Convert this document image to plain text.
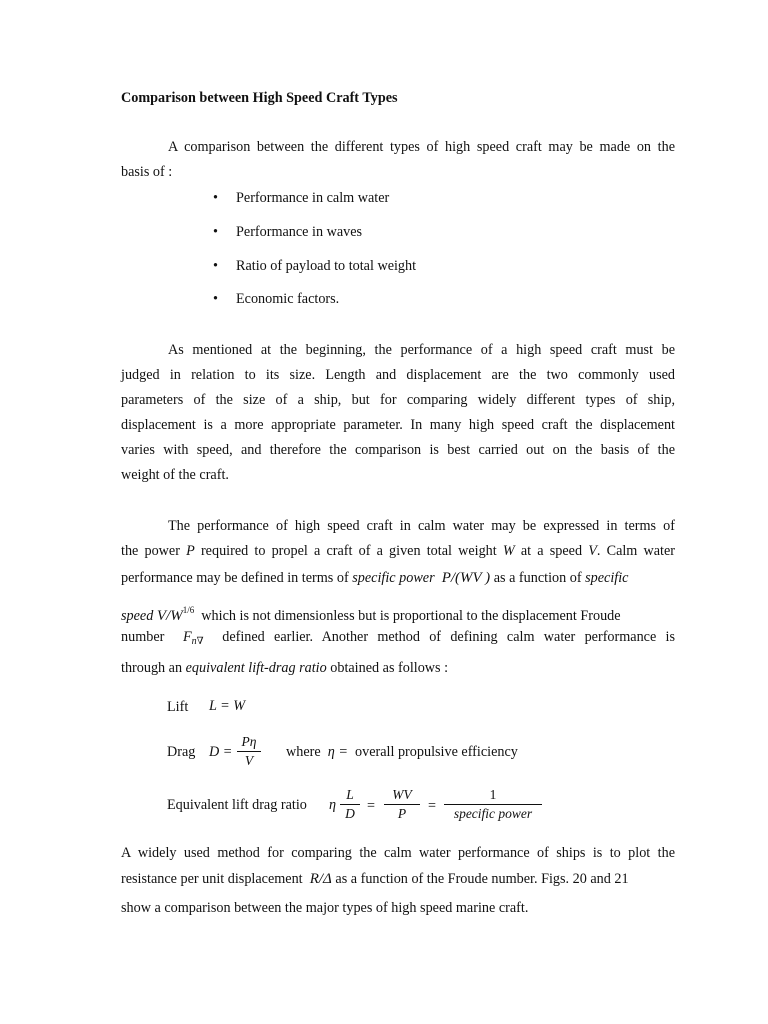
Comparison between High Speed Craft Types
A comparison between the different types of high speed craft may be made on the
basis of :
• Performance in calm water
• Performance in waves
• Ratio of payload to total weight
• Economic factors.
As mentioned at the beginning, the performance of a high speed craft must be
judged in relation to its size. Length and displacement are the two commonly used
parameters of the size of a ship, but for comparing widely different types of ship,
displacement is a more appropriate parameter. In many high speed craft the displacement
varies with speed, and therefore the comparison is best carried out on the basis of the
weight of the craft.
The performance of high speed craft in calm water may be expressed in terms of
the power P required to propel a craft of a given total weight W at a speed V. Calm water
performance may be defined in terms of specific power P/(WV ) as a function of specific
speed $V/W^{1/6}$  which is not dimensionless but is proportional to the displacement Froude
number  $F_{n\nabla}$  defined earlier. Another method of defining calm water performance is
through an equivalent lift-drag ratio obtained as follows :
Lift L = W
Drag D =
Pη
V
where η = overall propulsive efficiency
Equivalent lift drag ratio η
L
D =
WV
P	=
1
specific power
A widely used method for comparing the calm water performance of ships is to plot the
resistance per unit displacement R/Δ as a function of the Froude number. Figs. 20 and 21
show a comparison between the major types of high speed marine craft.
